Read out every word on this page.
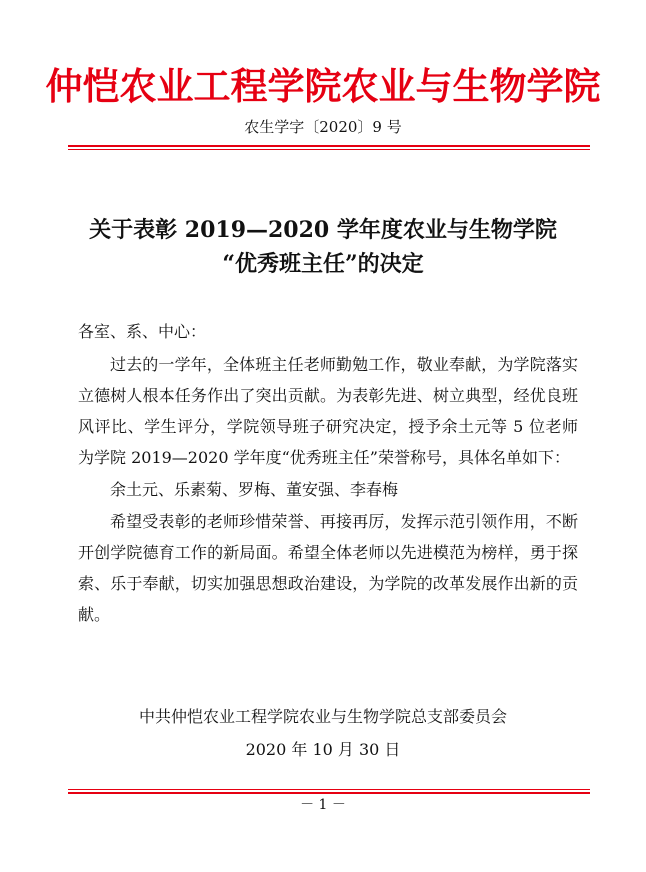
仲恺农业工程学院农业与生物学院
农生学字〔2020〕9 号
关于表彰 2019—2020 学年度农业与生物学院
“优秀班主任”的决定
各室、系、中心：

过去的一学年，全体班主任老师勤勉工作，敬业奉献，为学院落实立德树人根本任务作出了突出贡献。为表彰先进、树立典型，经优良班风评比、学生评分，学院领导班子研究决定，授予余土元等 5 位老师为学院 2019—2020 学年度“优秀班主任”荣誉称号，具体名单如下：

余土元、乐素菊、罗梅、董安强、李春梅

希望受表彰的老师珍惜荣誉、再接再厉，发挥示范引领作用，不断开创学院德育工作的新局面。希望全体老师以先进模范为榜样，勇于探索、乐于奉献，切实加强思想政治建设，为学院的改革发展作出新的贡献。

中共仲恺农业工程学院农业与生物学院总支部委员会
2020 年 10 月 30 日
－ 1 －
